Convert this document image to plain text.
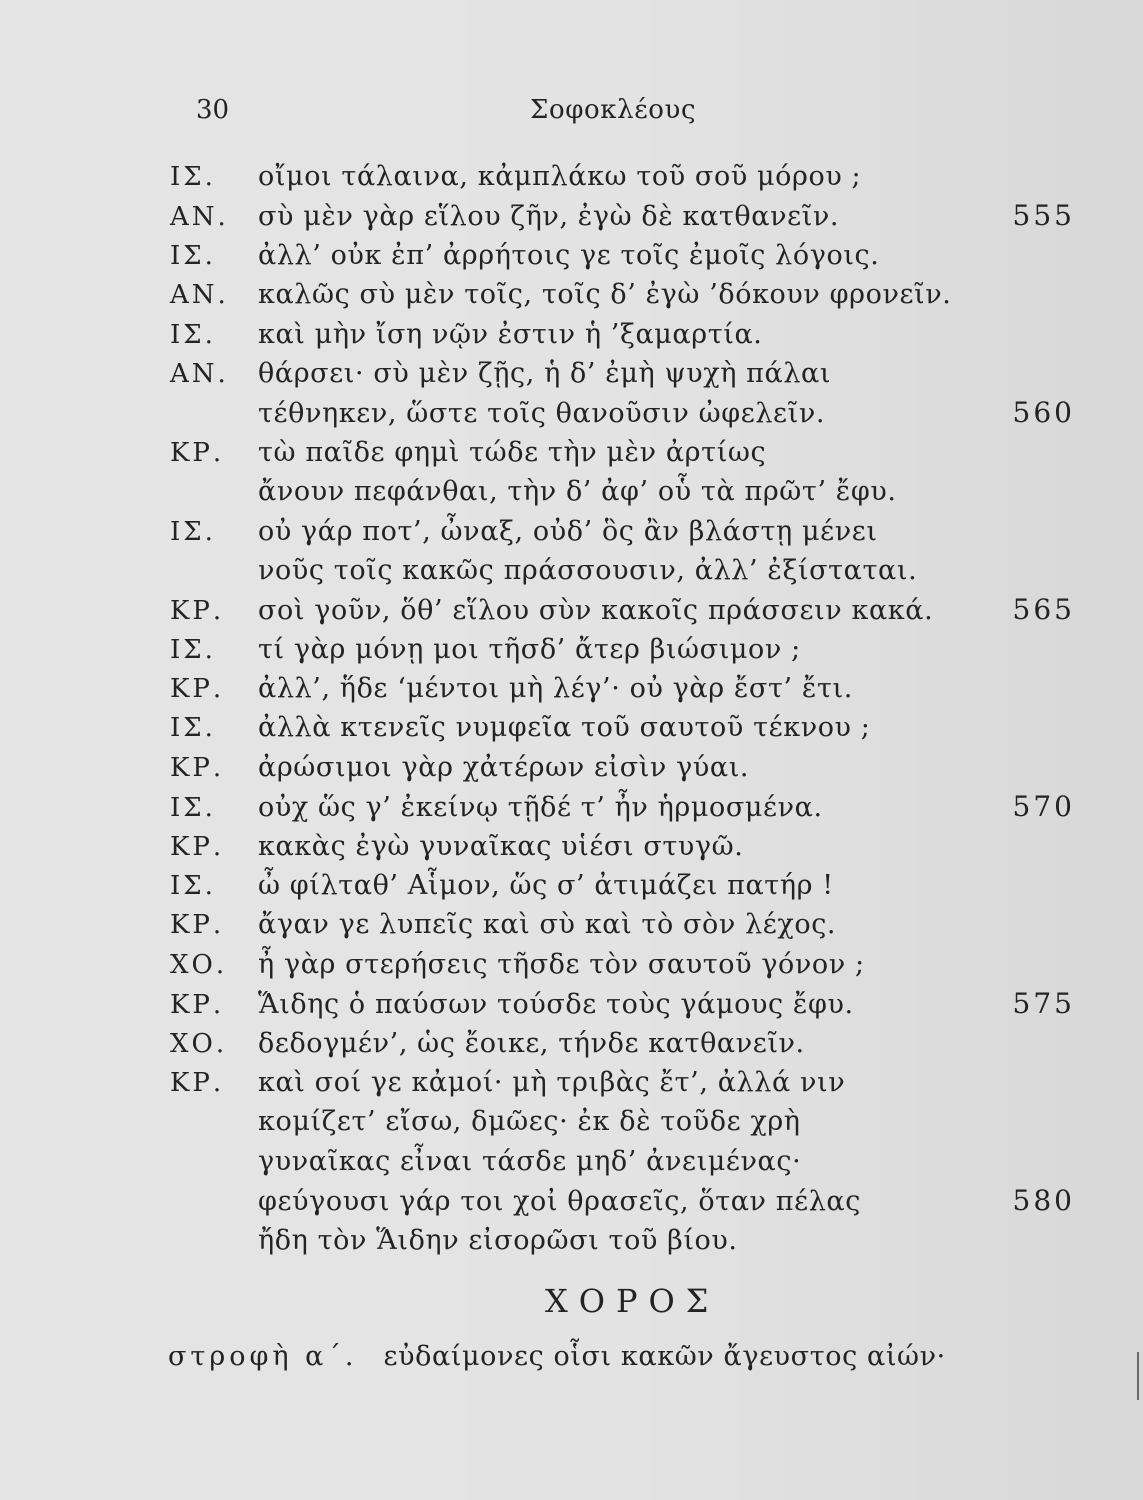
30	Σοφοκλέους
ΙΣ.	οἴμοι τάλαινα, κἀμπλάκω τοῦ σοῦ μόρου ;
ΑΝ.	σὺ μὲν γὰρ εἵλου ζῆν, ἐγὼ δὲ κατθανεῖν.	555
ΙΣ.	ἀλλ’ οὐκ ἐπ’ ἀρρήτοις γε τοῖς ἐμοῖς λόγοις.
ΑΝ.	καλῶς σὺ μὲν τοῖς, τοῖς δ’ ἐγὼ ’δόκουν φρονεῖν.
ΙΣ.	καὶ μὴν ἴση νῷν ἐστιν ἡ ’ξαμαρτία.
ΑΝ.	θάρσει· σὺ μὲν ζῇς, ἡ δ’ ἐμὴ ψυχὴ πάλαι
τέθνηκεν, ὥστε τοῖς θανοῦσιν ὠφελεῖν.	560
ΚΡ.	τὼ παῖδε φημὶ τώδε τὴν μὲν ἀρτίως
ἄνουν πεφάνθαι, τὴν δ’ ἀφ’ οὗ τὰ πρῶτ’ ἔφυ.
ΙΣ.	οὐ γάρ ποτ’, ὦναξ, οὐδ’ ὃς ἂν βλάστῃ μένει
νοῦς τοῖς κακῶς πράσσουσιν, ἀλλ’ ἐξίσταται.
ΚΡ.	σοὶ γοῦν, ὅθ’ εἵλου σὺν κακοῖς πράσσειν κακά.	565
ΙΣ.	τί γὰρ μόνῃ μοι τῆσδ’ ἄτερ βιώσιμον ;
ΚΡ.	ἀλλ’, ἥδε ‘μέντοι μὴ λέγ’· οὐ γὰρ ἔστ’ ἔτι.
ΙΣ.	ἀλλὰ κτενεῖς νυμφεῖα τοῦ σαυτοῦ τέκνου ;
ΚΡ.	ἀρώσιμοι γὰρ χἀτέρων εἰσὶν γύαι.
ΙΣ.	οὐχ ὥς γ’ ἐκείνῳ τῇδέ τ’ ἦν ἡρμοσμένα.	570
ΚΡ.	κακὰς ἐγὼ γυναῖκας υἱέσι στυγῶ.
ΙΣ.	ὦ φίλταθ’ Αἷμον, ὥς σ’ ἀτιμάζει πατήρ !
ΚΡ.	ἄγαν γε λυπεῖς καὶ σὺ καὶ τὸ σὸν λέχος.
ΧΟ.	ἦ γὰρ στερήσεις τῆσδε τὸν σαυτοῦ γόνον ;
ΚΡ.	Ἅιδης ὁ παύσων τούσδε τοὺς γάμους ἔφυ.	575
ΧΟ.	δεδογμέν’, ὡς ἔοικε, τήνδε κατθανεῖν.
ΚΡ.	καὶ σοί γε κἀμοί· μὴ τριβὰς ἔτ’, ἀλλά νιν
κομίζετ’ εἴσω, δμῶες· ἐκ δὲ τοῦδε χρὴ
γυναῖκας εἶναι τάσδε μηδ’ ἀνειμένας·
φεύγουσι γάρ τοι χοἰ θρασεῖς, ὅταν πέλας	580
ἤδη τὸν Ἅιδην εἰσορῶσι τοῦ βίου.
ΧΟΡΟΣ
στροφὴ α΄. εὐδαίμονες οἷσι κακῶν ἄγευστος αἰών·
